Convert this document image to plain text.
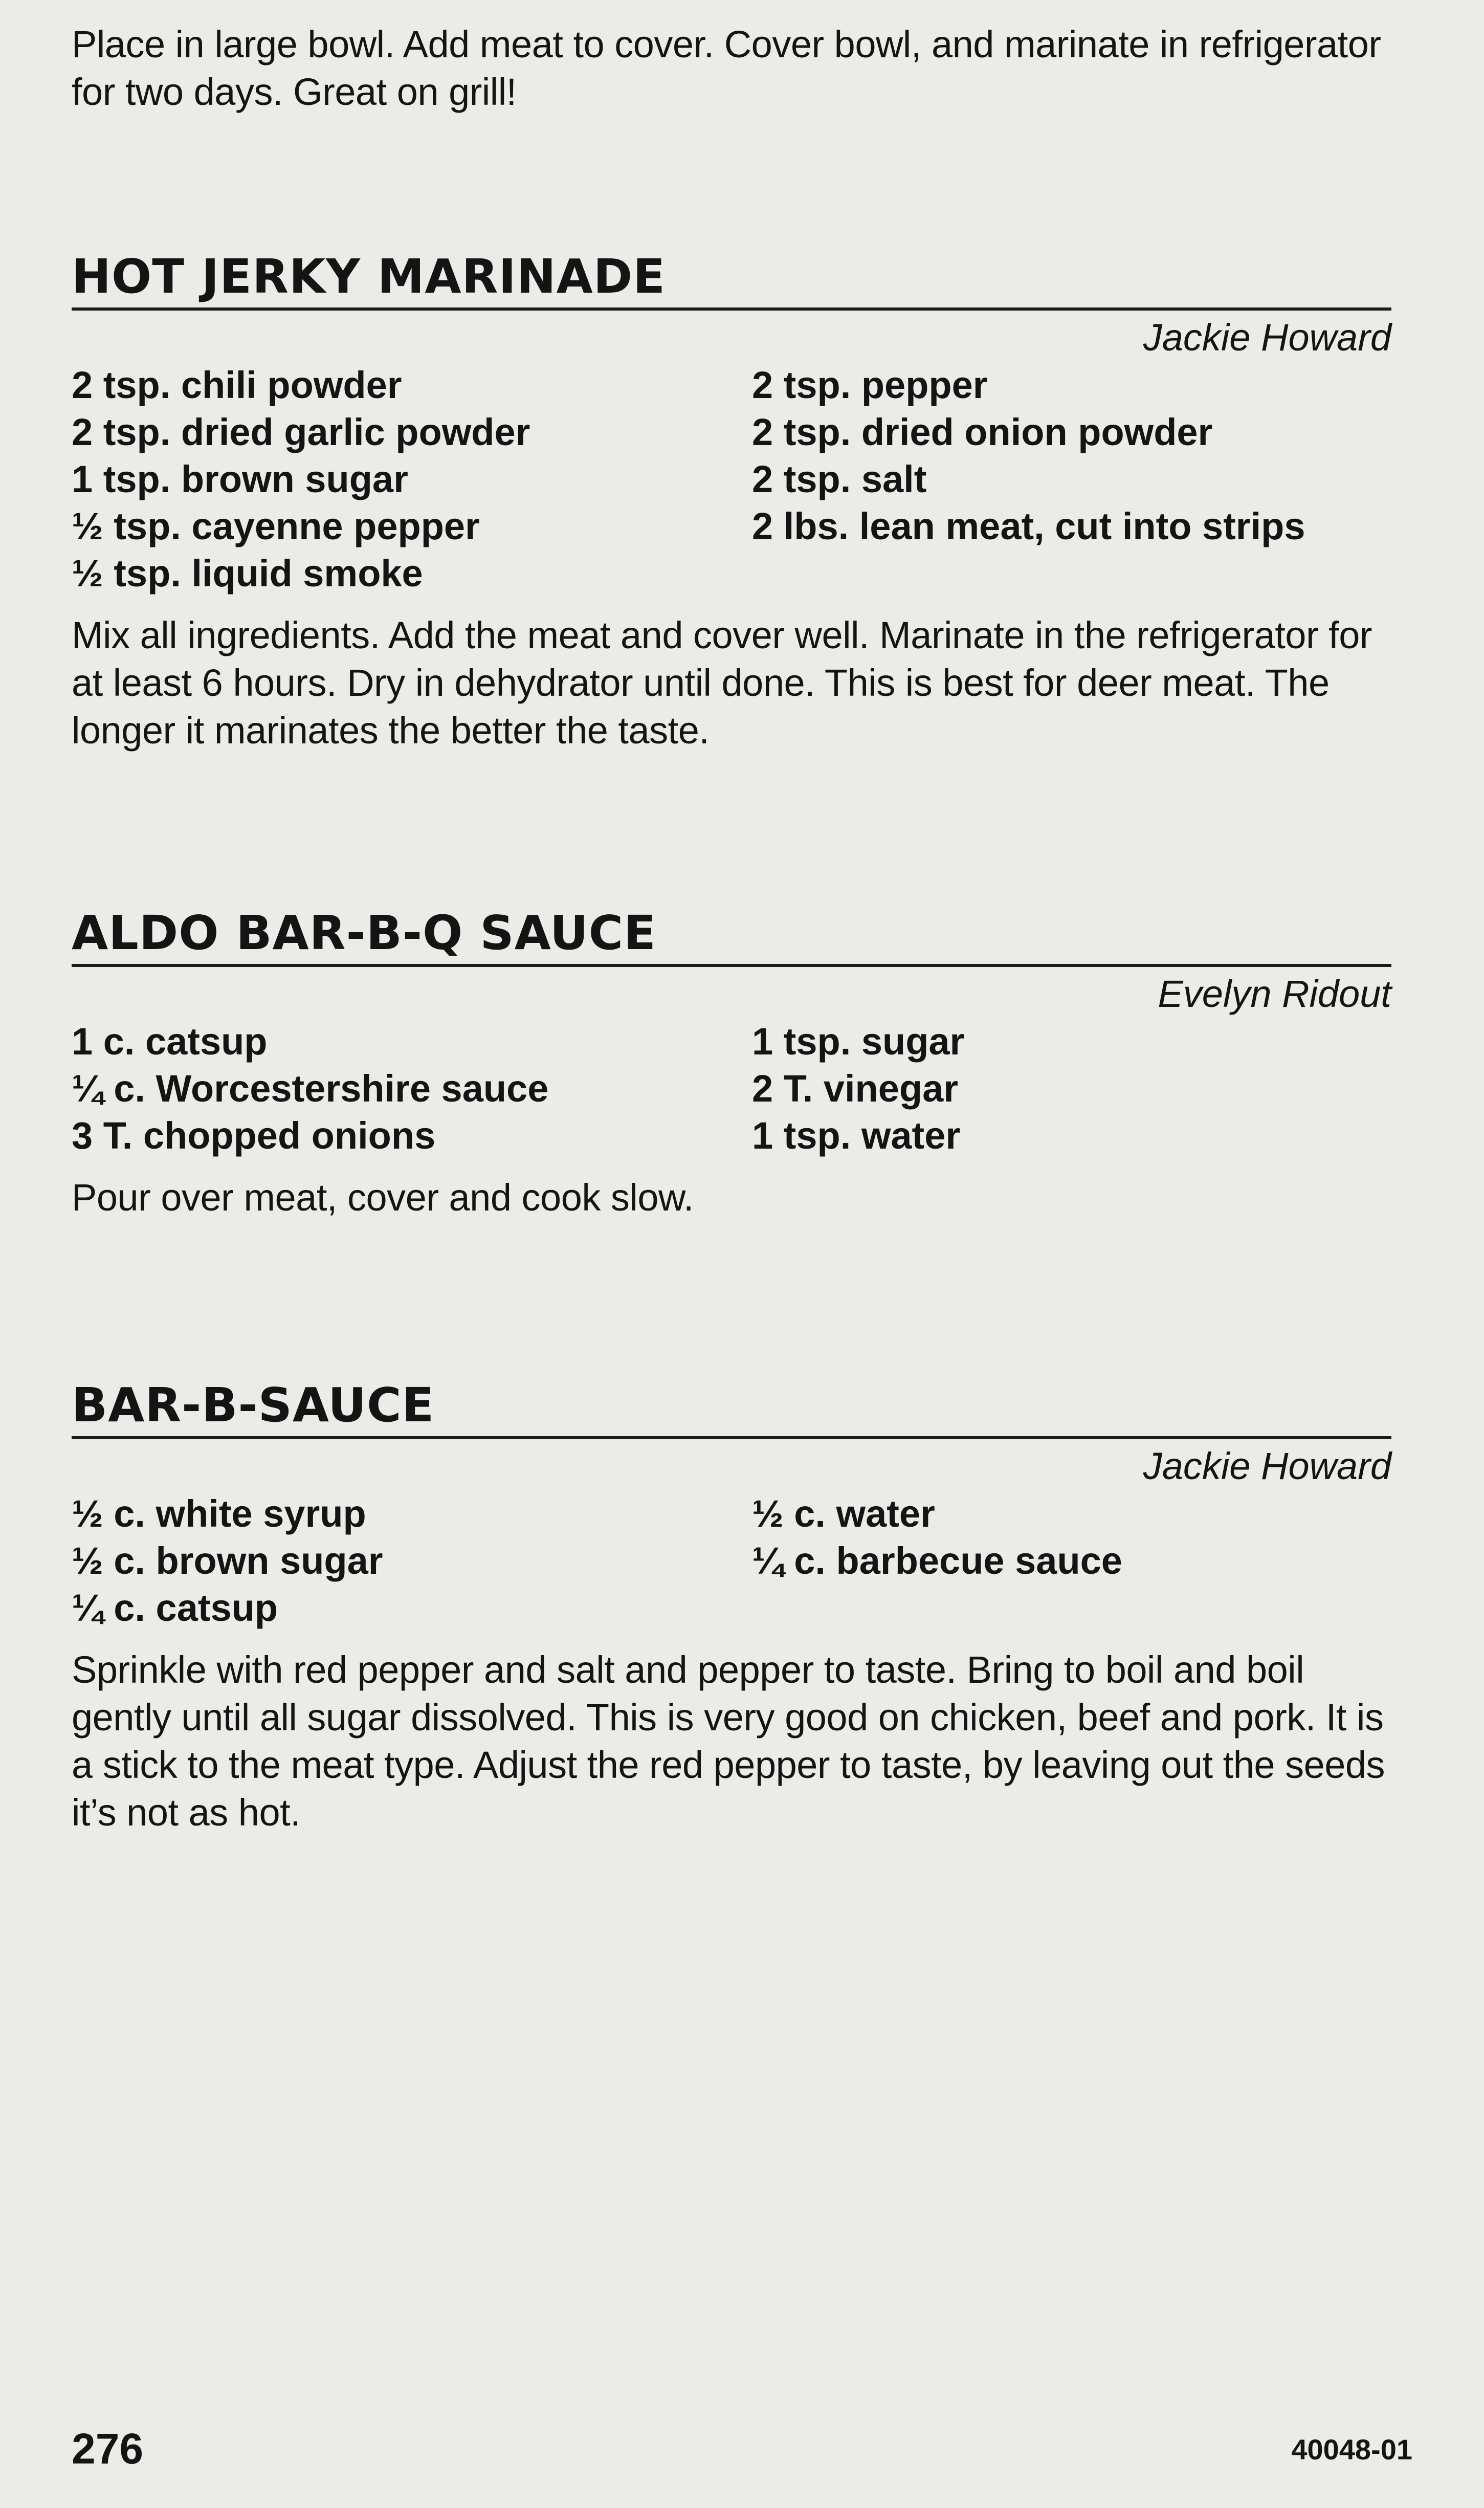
Place in large bowl. Add meat to cover. Cover bowl, and marinate in refrigerator for two days. Great on grill!

HOT JERKY MARINADE

Jackie Howard

2 tsp. chili powder
2 tsp. dried garlic powder
1 tsp. brown sugar
½ tsp. cayenne pepper
½ tsp. liquid smoke
2 tsp. pepper
2 tsp. dried onion powder
2 tsp. salt
2 lbs. lean meat, cut into strips

Mix all ingredients. Add the meat and cover well. Marinate in the refrigerator for at least 6 hours. Dry in dehydrator until done. This is best for deer meat. The longer it marinates the better the taste.

ALDO BAR-B-Q SAUCE

Evelyn Ridout

1 c. catsup
¼ c. Worcestershire sauce
3 T. chopped onions
1 tsp. sugar
2 T. vinegar
1 tsp. water

Pour over meat, cover and cook slow.

BAR-B-SAUCE

Jackie Howard

½ c. white syrup
½ c. brown sugar
¼ c. catsup
½ c. water
¼ c. barbecue sauce

Sprinkle with red pepper and salt and pepper to taste. Bring to boil and boil gently until all sugar dissolved. This is very good on chicken, beef and pork. It is a stick to the meat type. Adjust the red pepper to taste, by leaving out the seeds it’s not as hot.

276	40048-01
